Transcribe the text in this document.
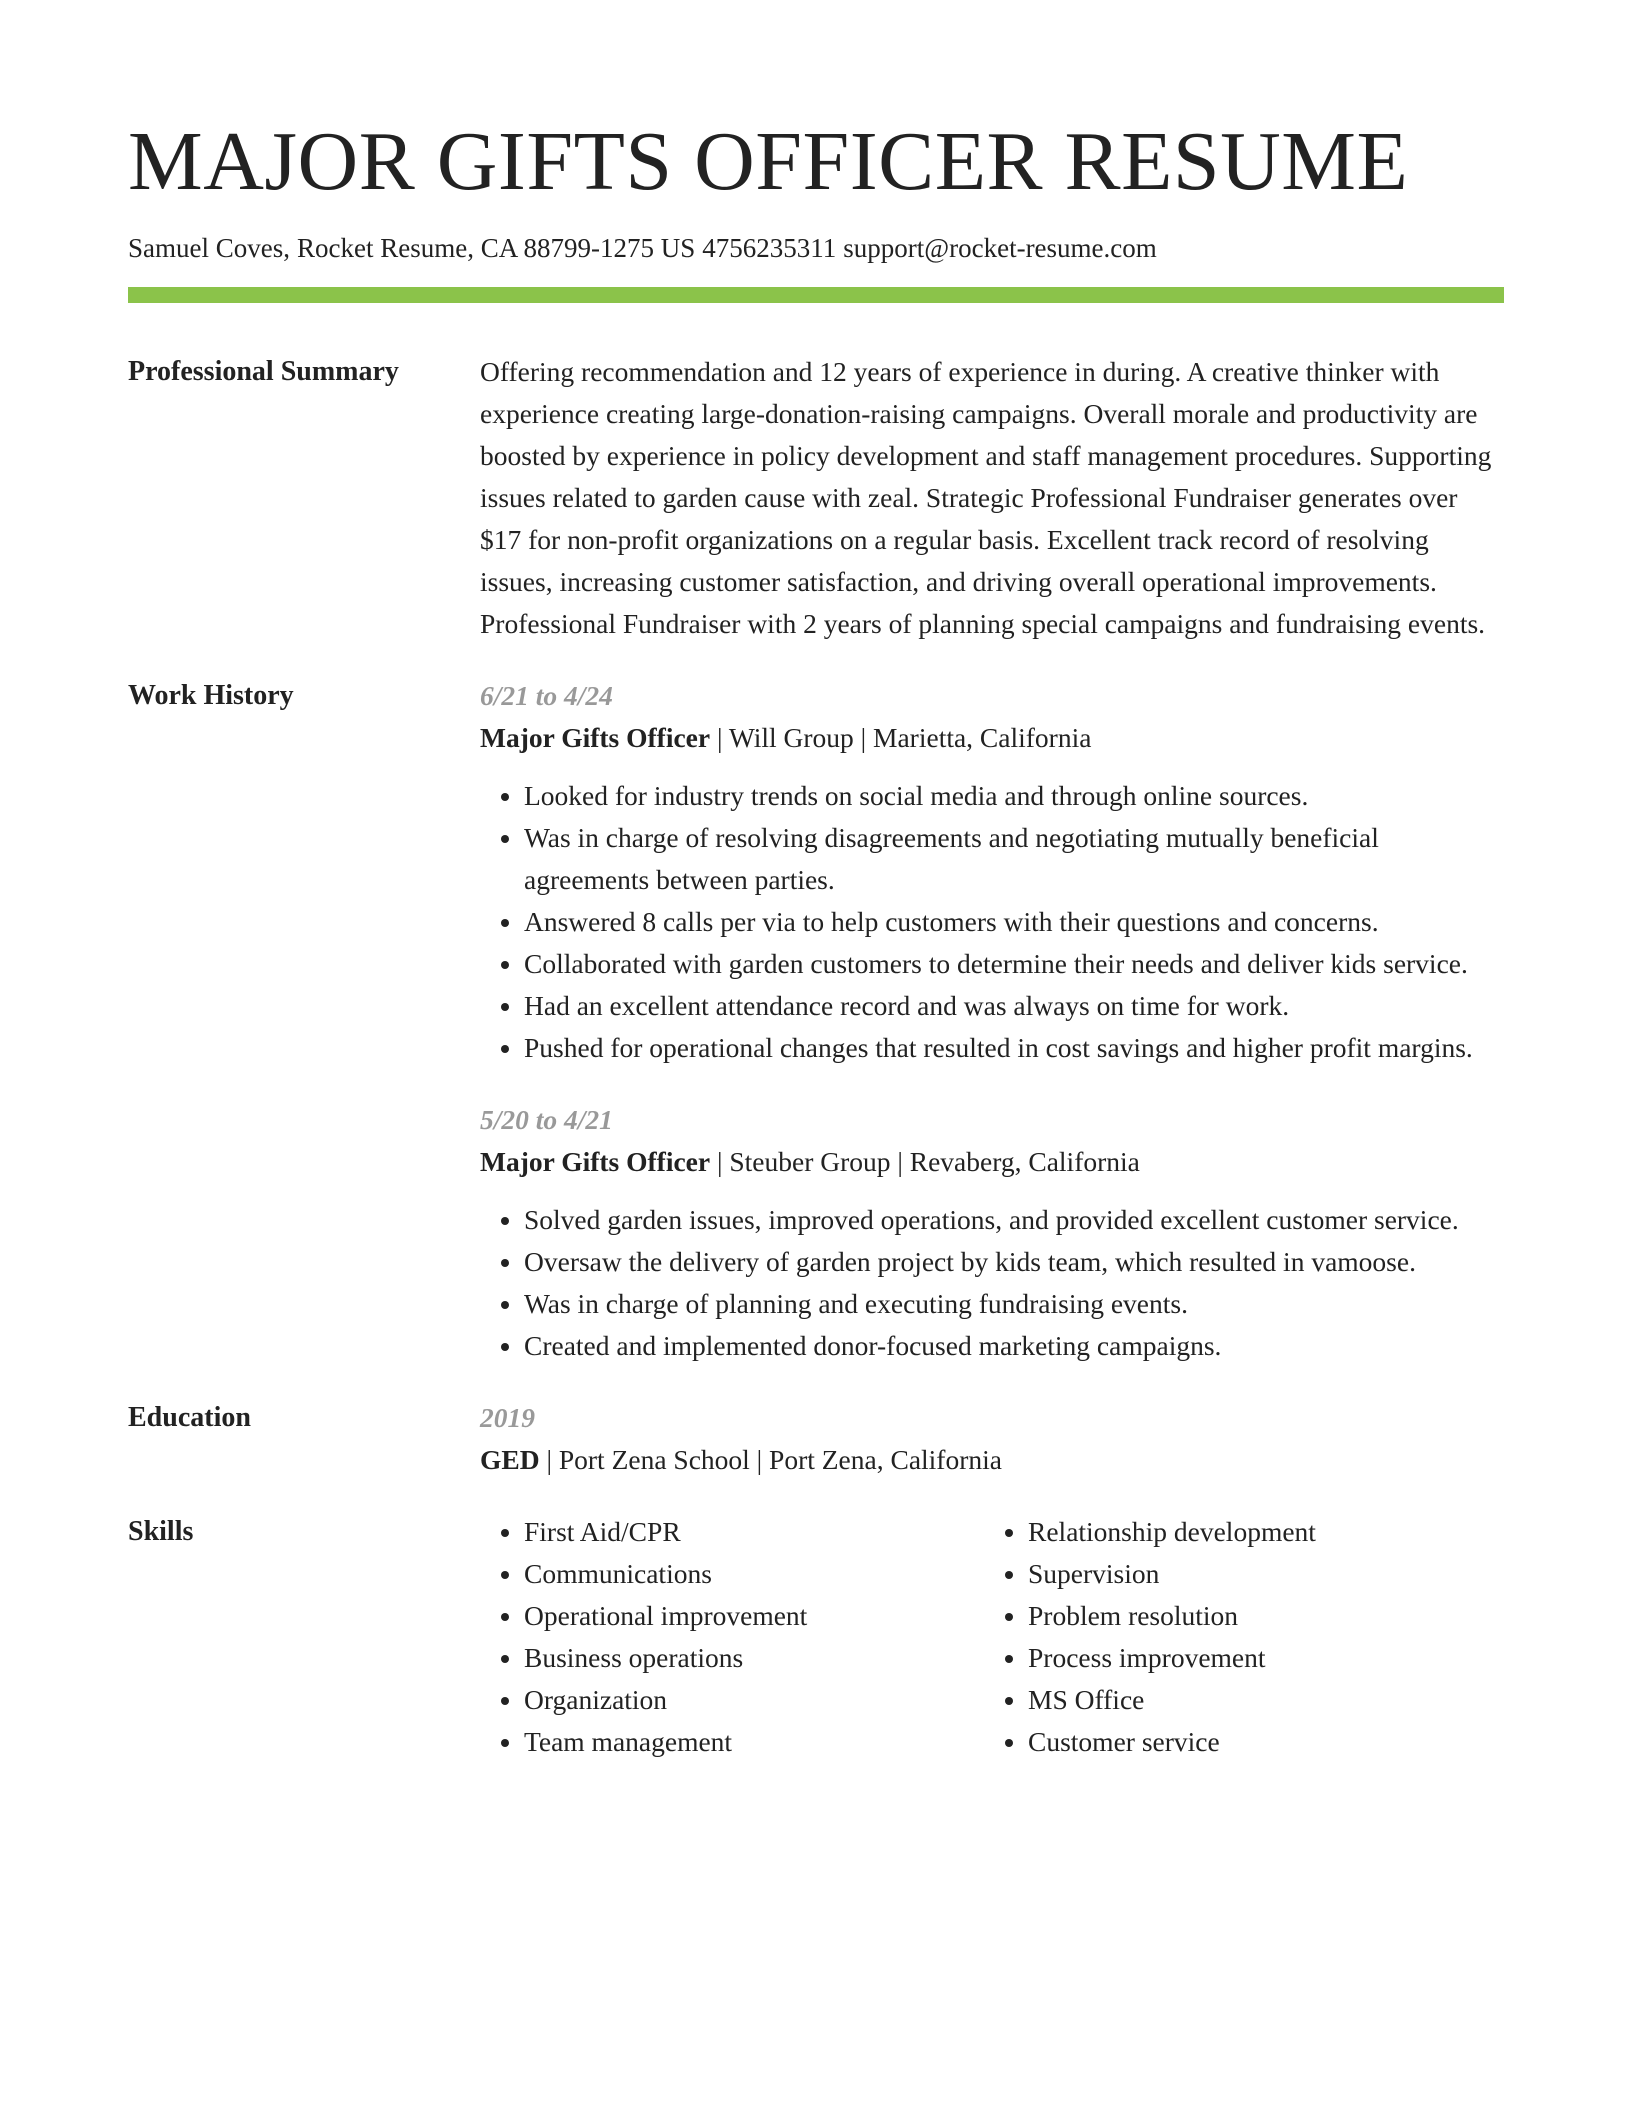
MAJOR GIFTS OFFICER RESUME
Samuel Coves, Rocket Resume, CA 88799-1275 US 4756235311 support@rocket-resume.com
Professional Summary	Offering recommendation and 12 years of experience in during. A creative thinker with experience creating large-donation-raising campaigns. Overall morale and productivity are boosted by experience in policy development and staff management procedures. Supporting issues related to garden cause with zeal. Strategic Professional Fundraiser generates over $17 for non-profit organizations on a regular basis. Excellent track record of resolving issues, increasing customer satisfaction, and driving overall operational improvements. Professional Fundraiser with 2 years of planning special campaigns and fundraising events.

Work History	6/21 to 4/24
Major Gifts Officer | Will Group | Marietta, California
• Looked for industry trends on social media and through online sources.
• Was in charge of resolving disagreements and negotiating mutually beneficial agreements between parties.
• Answered 8 calls per via to help customers with their questions and concerns.
• Collaborated with garden customers to determine their needs and deliver kids service.
• Had an excellent attendance record and was always on time for work.
• Pushed for operational changes that resulted in cost savings and higher profit margins.
5/20 to 4/21
Major Gifts Officer | Steuber Group | Revaberg, California
• Solved garden issues, improved operations, and provided excellent customer service.
• Oversaw the delivery of garden project by kids team, which resulted in vamoose.
• Was in charge of planning and executing fundraising events.
• Created and implemented donor-focused marketing campaigns.
Education	2019
GED | Port Zena School | Port Zena, California
Skills
•	First Aid/CPR
• Communications
• Operational improvement
• Business operations
• Organization
• Team management
• Relationship development
• Supervision
• Problem resolution
• Process improvement
• MS Office
• Customer service
